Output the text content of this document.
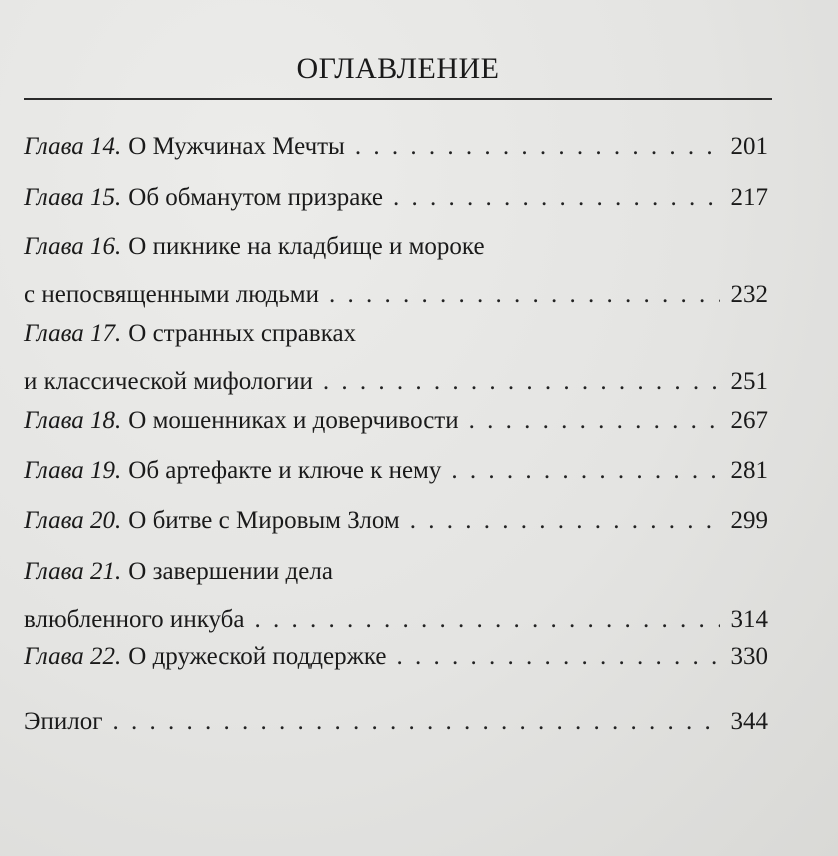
ОГЛАВЛЕНИЕ
Глава 14. О Мужчинах Мечты . . .	201
Глава 15. Об обманутом призраке . . .	217
Глава 16. О пикнике на кладбище и мороке
с непосвященными людьми . . .	232
Глава 17. О странных справках
и классической мифологии . . .	251
Глава 18. О мошенниках и доверчивости . . .	267
Глава 19. Об артефакте и ключе к нему . . .	281
Глава 20. О битве с Мировым Злом . . .	299
Глава 21. О завершении дела
влюбленного инкуба . . .	314
Глава 22. О дружеской поддержке . . .	330
Эпилог . . .	344
